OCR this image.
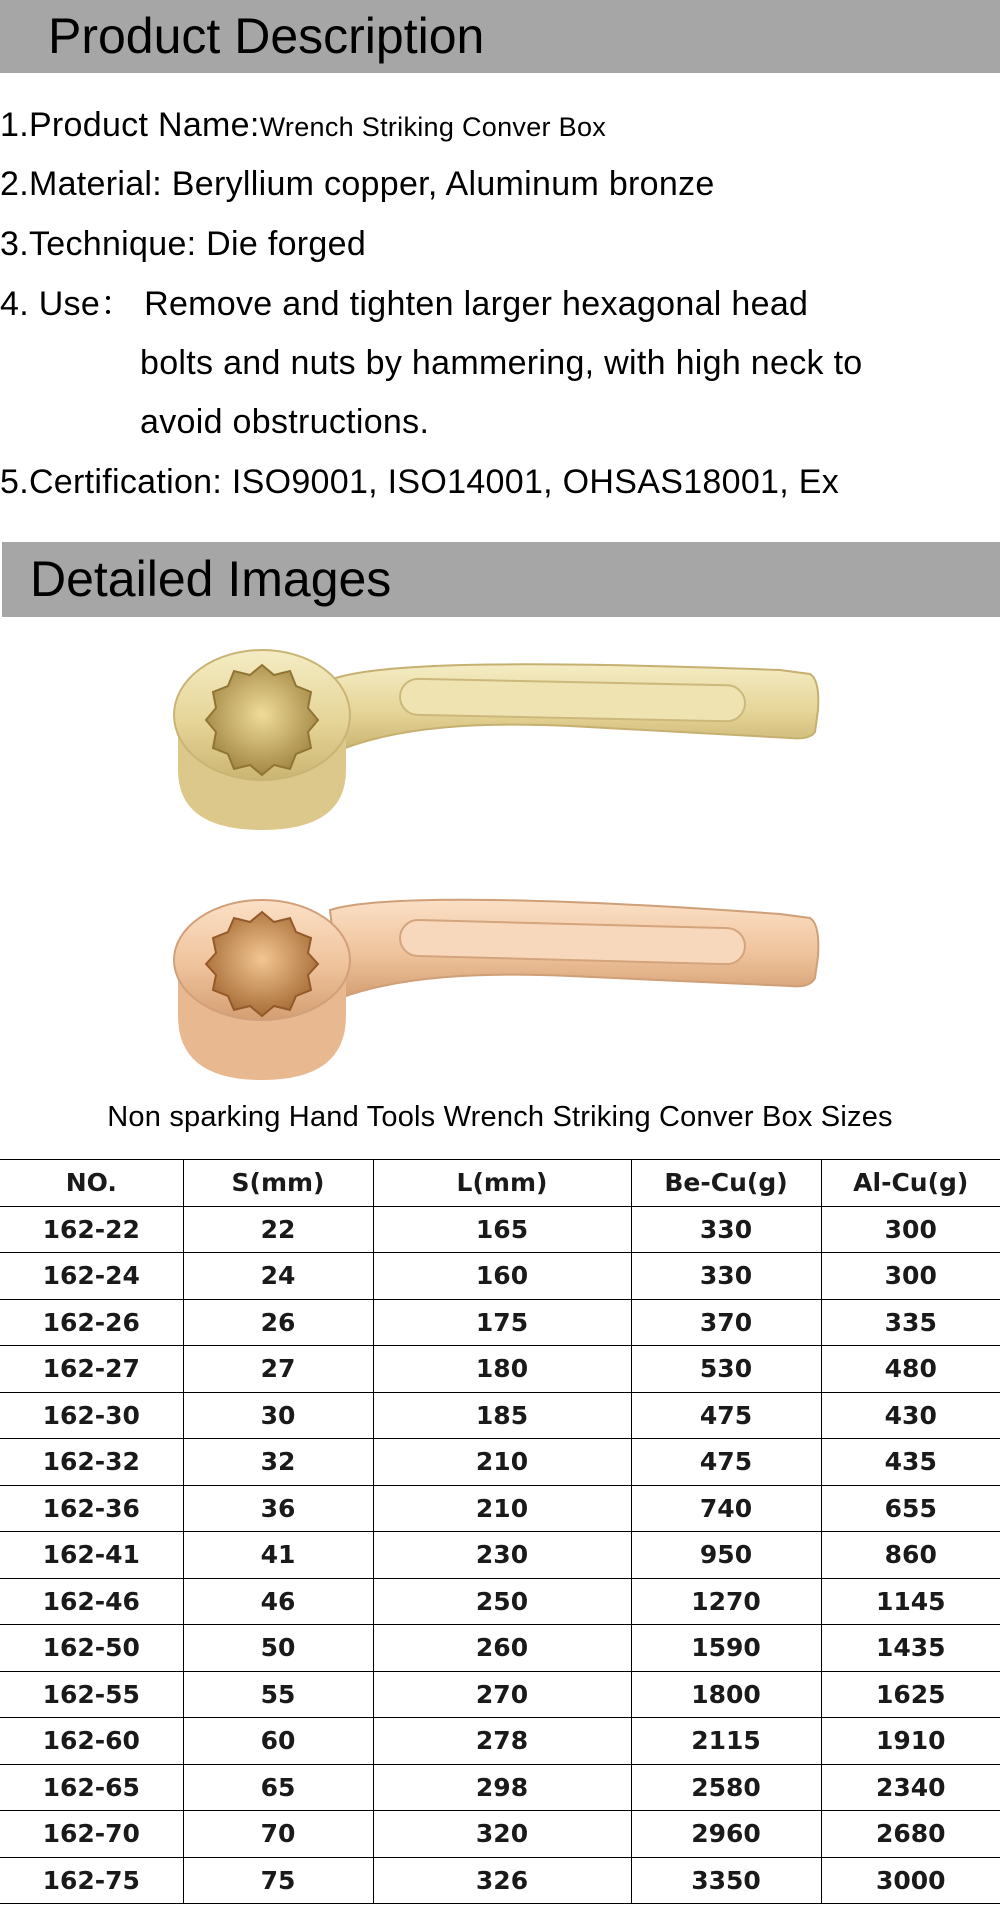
Product Description
1.Product Name:Wrench Striking Conver Box
2.Material: Beryllium copper, Aluminum bronze
3.Technique: Die forged
4. Use： Remove and tighten larger hexagonal head
bolts and nuts by hammering, with high neck to
avoid obstructions.
5.Certification: ISO9001, ISO14001, OHSAS18001, Ex
Detailed Images
Non sparking Hand Tools Wrench Striking Conver Box Sizes
NO.	S(mm)	L(mm)	Be-Cu(g)	Al-Cu(g)
162-22	22	165	330	300
162-24	24	160	330	300
162-26	26	175	370	335
162-27	27	180	530	480
162-30	30	185	475	430
162-32	32	210	475	435
162-36	36	210	740	655
162-41	41	230	950	860
162-46	46	250	1270	1145
162-50	50	260	1590	1435
162-55	55	270	1800	1625
162-60	60	278	2115	1910
162-65	65	298	2580	2340
162-70	70	320	2960	2680
162-75	75	326	3350	3000
